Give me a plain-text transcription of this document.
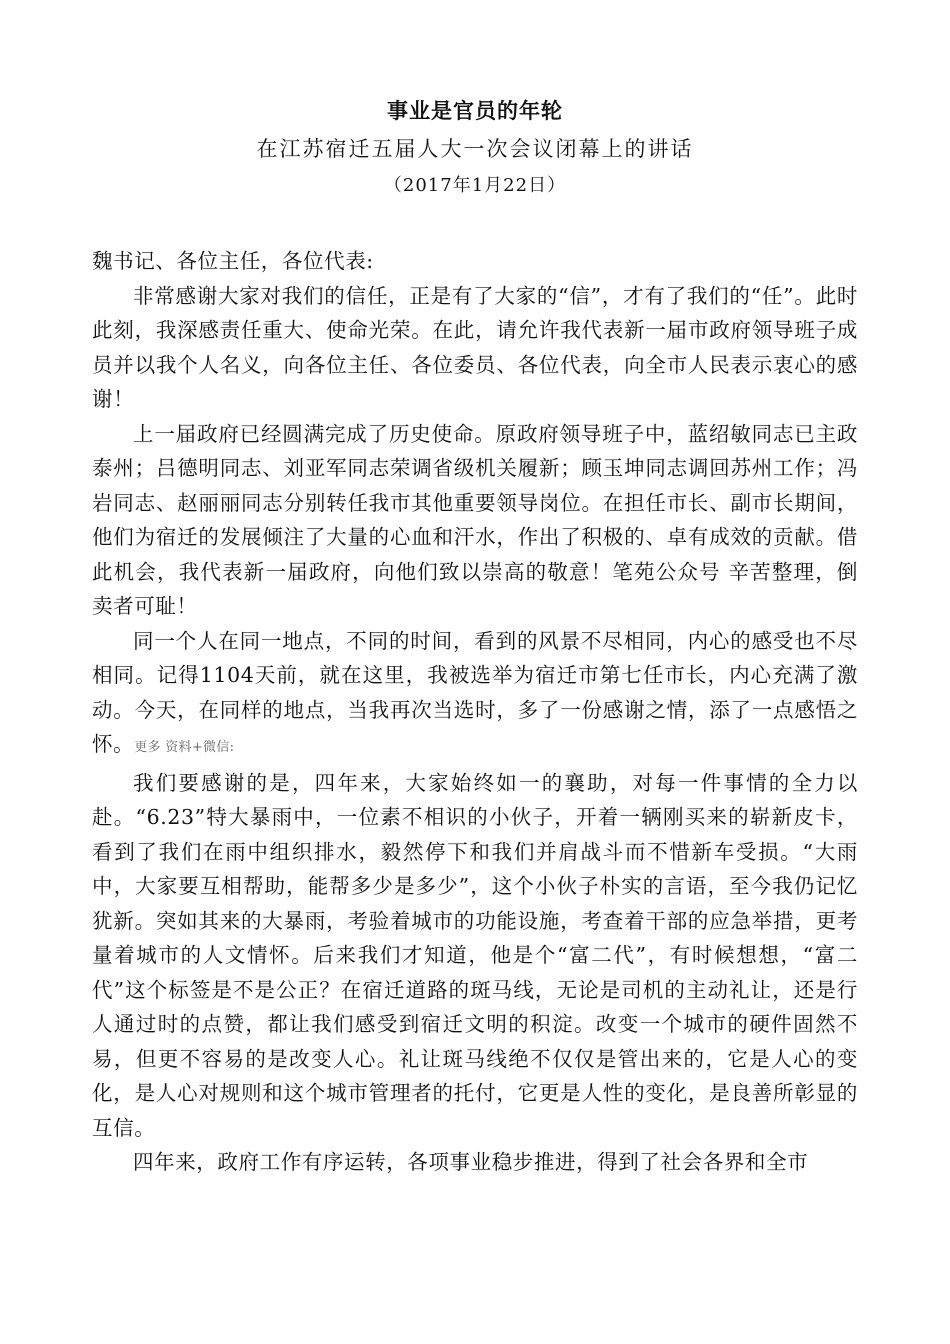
事业是官员的年轮
在江苏宿迁五届人大一次会议闭幕上的讲话
（2017年1月22日）

魏书记、各位主任，各位代表:

非常感谢大家对我们的信任，正是有了大家的“信”，才有了我们的“任”。此时此刻，我深感责任重大、使命光荣。在此，请允许我代表新一届市政府领导班子成员并以我个人名义，向各位主任、各位委员、各位代表，向全市人民表示衷心的感谢！

上一届政府已经圆满完成了历史使命。原政府领导班子中，蓝绍敏同志已主政泰州；吕德明同志、刘亚军同志荣调省级机关履新；顾玉坤同志调回苏州工作；冯岩同志、赵丽丽同志分别转任我市其他重要领导岗位。在担任市长、副市长期间，他们为宿迁的发展倾注了大量的心血和汗水，作出了积极的、卓有成效的贡献。借此机会，我代表新一届政府，向他们致以崇高的敬意！笔苑公众号 辛苦整理，倒卖者可耻！

同一个人在同一地点，不同的时间，看到的风景不尽相同，内心的感受也不尽相同。记得1104天前，就在这里，我被选举为宿迁市第七任市长，内心充满了激动。今天，在同样的地点，当我再次当选时，多了一份感谢之情，添了一点感悟之怀。更多 资料+微信:

我们要感谢的是，四年来，大家始终如一的襄助，对每一件事情的全力以赴。“6.23”特大暴雨中，一位素不相识的小伙子，开着一辆刚买来的崭新皮卡，看到了我们在雨中组织排水，毅然停下和我们并肩战斗而不惜新车受损。“大雨中，大家要互相帮助，能帮多少是多少”，这个小伙子朴实的言语，至今我仍记忆犹新。突如其来的大暴雨，考验着城市的功能设施，考查着干部的应急举措，更考量着城市的人文情怀。后来我们才知道，他是个“富二代”，有时候想想，“富二代”这个标签是不是公正？在宿迁道路的斑马线，无论是司机的主动礼让，还是行人通过时的点赞，都让我们感受到宿迁文明的积淀。改变一个城市的硬件固然不易，但更不容易的是改变人心。礼让斑马线绝不仅仅是管出来的，它是人心的变化，是人心对规则和这个城市管理者的托付，它更是人性的变化，是良善所彰显的互信。

四年来，政府工作有序运转，各项事业稳步推进，得到了社会各界和全市
